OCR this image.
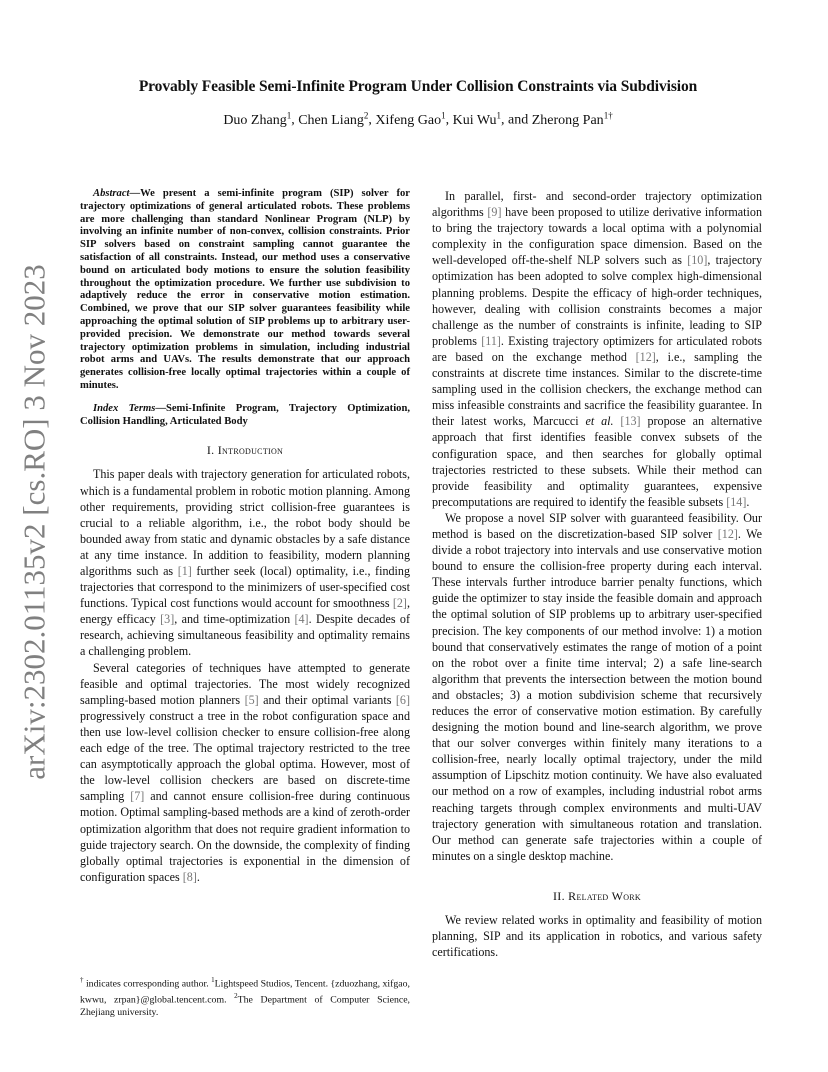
arXiv:2302.01135v2 [cs.RO] 3 Nov 2023
Provably Feasible Semi-Infinite Program Under Collision Constraints via Subdivision
Duo Zhang$^1$, Chen Liang$^2$, Xifeng Gao$^1$, Kui Wu$^1$, and Zherong Pan$^{1\dagger}$

Abstract—We present a semi-infinite program (SIP) solver for trajectory optimizations of general articulated robots. These problems are more challenging than standard Nonlinear Program (NLP) by involving an infinite number of non-convex, collision constraints. Prior SIP solvers based on constraint sampling cannot guarantee the satisfaction of all constraints. Instead, our method uses a conservative bound on articulated body motions to ensure the solution feasibility throughout the optimization procedure. We further use subdivision to adaptively reduce the error in conservative motion estimation. Combined, we prove that our SIP solver guarantees feasibility while approaching the optimal solution of SIP problems up to arbitrary user-provided precision. We demonstrate our method towards several trajectory optimization problems in simulation, including industrial robot arms and UAVs. The results demonstrate that our approach generates collision-free locally optimal trajectories within a couple of minutes.

Index Terms—Semi-Infinite Program, Trajectory Optimization, Collision Handling, Articulated Body

I. Introduction

This paper deals with trajectory generation for articulated robots, which is a fundamental problem in robotic motion planning. Among other requirements, providing strict collision-free guarantees is crucial to a reliable algorithm, i.e., the robot body should be bounded away from static and dynamic obstacles by a safe distance at any time instance. In addition to feasibility, modern planning algorithms such as [1] further seek (local) optimality, i.e., finding trajectories that correspond to the minimizers of user-specified cost functions. Typical cost functions would account for smoothness [2], energy efficacy [3], and time-optimization [4]. Despite decades of research, achieving simultaneous feasibility and optimality remains a challenging problem.

Several categories of techniques have attempted to generate feasible and optimal trajectories. The most widely recognized sampling-based motion planners [5] and their optimal variants [6] progressively construct a tree in the robot configuration space and then use low-level collision checker to ensure collision-free along each edge of the tree. The optimal trajectory restricted to the tree can asymptotically approach the global optima. However, most of the low-level collision checkers are based on discrete-time sampling [7] and cannot ensure collision-free during continuous motion. Optimal sampling-based methods are a kind of zeroth-order optimization algorithm that does not require gradient information to guide trajectory search. On the downside, the complexity of finding globally optimal trajectories is exponential in the dimension of configuration spaces [8].

† indicates corresponding author. $^1$Lightspeed Studios, Tencent. {zduozhang, xifgao, kwwu, zrpan}@global.tencent.com. $^2$The Department of Computer Science, Zhejiang university.

In parallel, first- and second-order trajectory optimization algorithms [9] have been proposed to utilize derivative information to bring the trajectory towards a local optima with a polynomial complexity in the configuration space dimension. Based on the well-developed off-the-shelf NLP solvers such as [10], trajectory optimization has been adopted to solve complex high-dimensional planning problems. Despite the efficacy of high-order techniques, however, dealing with collision constraints becomes a major challenge as the number of constraints is infinite, leading to SIP problems [11]. Existing trajectory optimizers for articulated robots are based on the exchange method [12], i.e., sampling the constraints at discrete time instances. Similar to the discrete-time sampling used in the collision checkers, the exchange method can miss infeasible constraints and sacrifice the feasibility guarantee. In their latest works, Marcucci et al. [13] propose an alternative approach that first identifies feasible convex subsets of the configuration space, and then searches for globally optimal trajectories restricted to these subsets. While their method can provide feasibility and optimality guarantees, expensive precomputations are required to identify the feasible subsets [14].

We propose a novel SIP solver with guaranteed feasibility. Our method is based on the discretization-based SIP solver [12]. We divide a robot trajectory into intervals and use conservative motion bound to ensure the collision-free property during each interval. These intervals further introduce barrier penalty functions, which guide the optimizer to stay inside the feasible domain and approach the optimal solution of SIP problems up to arbitrary user-specified precision. The key components of our method involve: 1) a motion bound that conservatively estimates the range of motion of a point on the robot over a finite time interval; 2) a safe line-search algorithm that prevents the intersection between the motion bound and obstacles; 3) a motion subdivision scheme that recursively reduces the error of conservative motion estimation. By carefully designing the motion bound and line-search algorithm, we prove that our solver converges within finitely many iterations to a collision-free, nearly locally optimal trajectory, under the mild assumption of Lipschitz motion continuity. We have also evaluated our method on a row of examples, including industrial robot arms reaching targets through complex environments and multi-UAV trajectory generation with simultaneous rotation and translation. Our method can generate safe trajectories within a couple of minutes on a single desktop machine.

II. Related Work

We review related works in optimality and feasibility of motion planning, SIP and its application in robotics, and various safety certifications.
